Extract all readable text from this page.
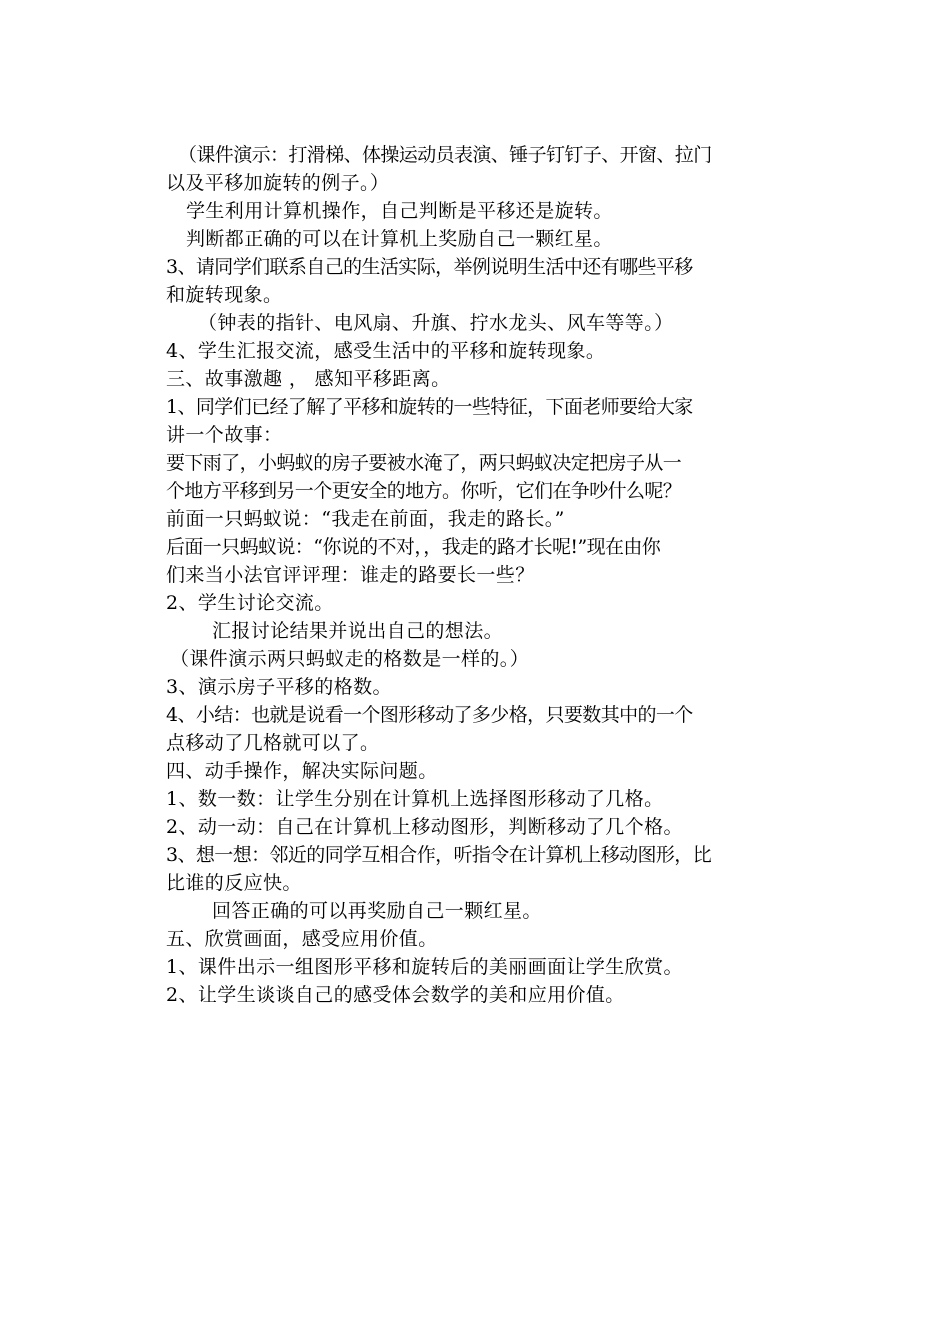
（课件演示：打滑梯、体操运动员表演、锤子钉钉子、开窗、拉门
以及平移加旋转的例子。）
学生利用计算机操作，自己判断是平移还是旋转。
判断都正确的可以在计算机上奖励自己一颗红星。
3、请同学们联系自己的生活实际，举例说明生活中还有哪些平移
和旋转现象。
（钟表的指针、电风扇、升旗、拧水龙头、风车等等。）
4、学生汇报交流，感受生活中的平移和旋转现象。
三、故事激趣 ， 感知平移距离。
1、同学们已经了解了平移和旋转的一些特征，下面老师要给大家
讲一个故事：
要下雨了，小蚂蚁的房子要被水淹了，两只蚂蚁决定把房子从一
个地方平移到另一个更安全的地方。你听，它们在争吵什么呢？
前面一只蚂蚁说：“我走在前面，我走的路长。”
后面一只蚂蚁说：“你说的不对，，我走的路才长呢!”现在由你
们来当小法官评评理：谁走的路要长一些？
2、学生讨论交流。
汇报讨论结果并说出自己的想法。
（课件演示两只蚂蚁走的格数是一样的。）
3、演示房子平移的格数。
4、小结：也就是说看一个图形移动了多少格，只要数其中的一个
点移动了几格就可以了。
四、动手操作，解决实际问题。
1、数一数：让学生分别在计算机上选择图形移动了几格。
2、动一动：自己在计算机上移动图形，判断移动了几个格。
3、想一想：邻近的同学互相合作，听指令在计算机上移动图形，比
比谁的反应快。
回答正确的可以再奖励自己一颗红星。
五、欣赏画面，感受应用价值。
1、课件出示一组图形平移和旋转后的美丽画面让学生欣赏。
2、让学生谈谈自己的感受体会数学的美和应用价值。
